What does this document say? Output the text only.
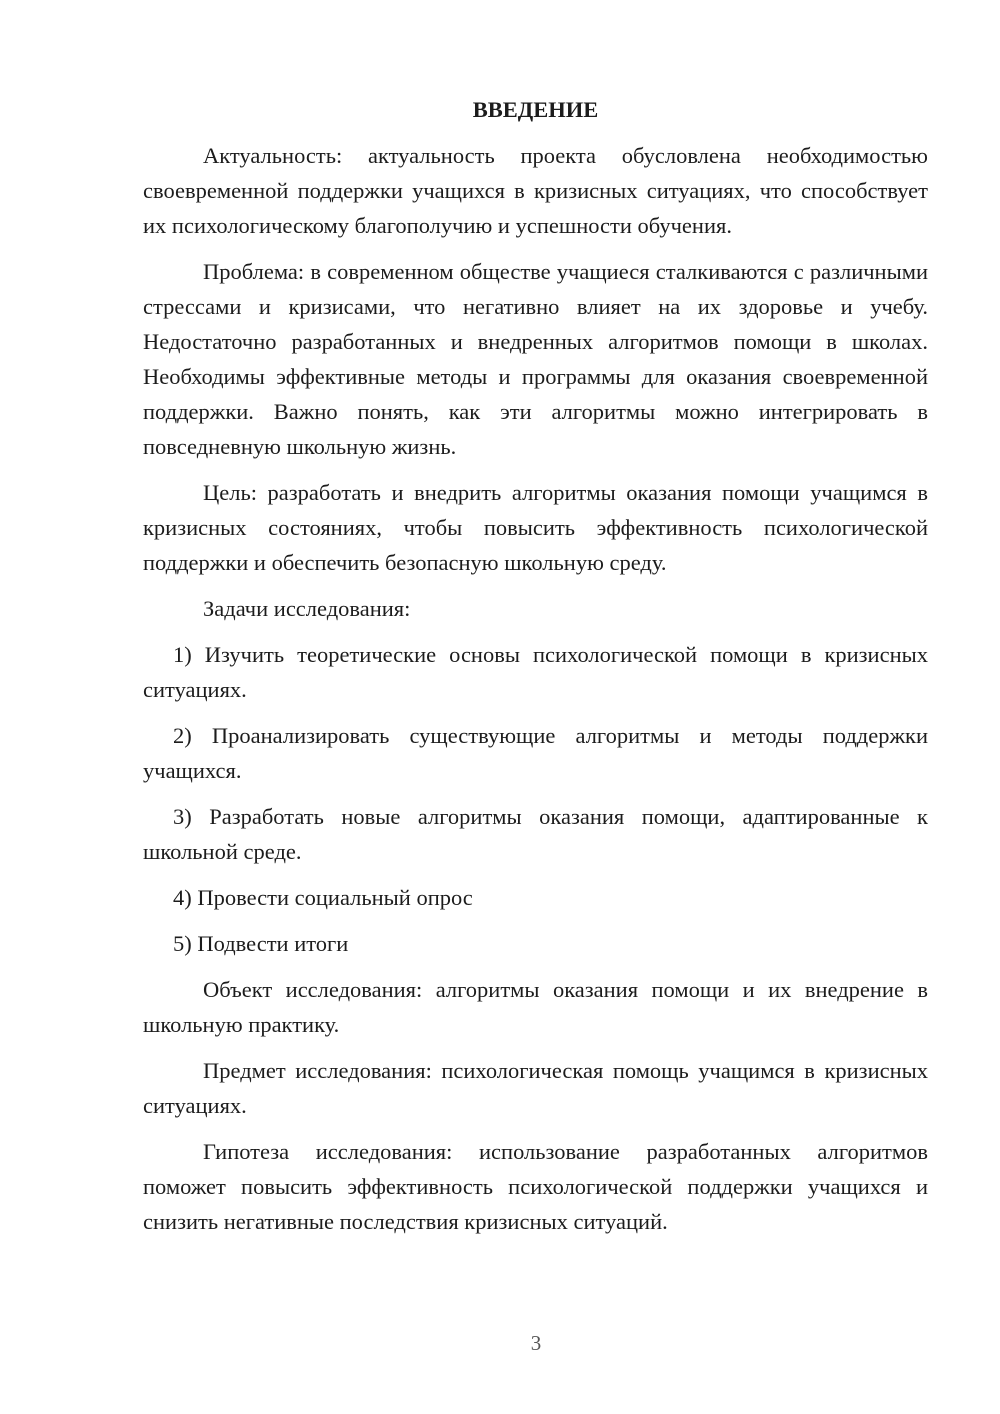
ВВЕДЕНИЕ

Актуальность: актуальность проекта обусловлена необходимостью своевременной поддержки учащихся в кризисных ситуациях, что способствует их психологическому благополучию и успешности обучения.

Проблема: в современном обществе учащиеся сталкиваются с различными стрессами и кризисами, что негативно влияет на их здоровье и учебу. Недостаточно разработанных и внедренных алгоритмов помощи в школах. Необходимы эффективные методы и программы для оказания своевременной поддержки. Важно понять, как эти алгоритмы можно интегрировать в повседневную школьную жизнь.

Цель: разработать и внедрить алгоритмы оказания помощи учащимся в кризисных состояниях, чтобы повысить эффективность психологической поддержки и обеспечить безопасную школьную среду.

Задачи исследования:

1) Изучить теоретические основы психологической помощи в кризисных ситуациях.

2) Проанализировать существующие алгоритмы и методы поддержки учащихся.

3) Разработать новые алгоритмы оказания помощи, адаптированные к школьной среде.

4) Провести социальный опрос

5) Подвести итоги

Объект исследования: алгоритмы оказания помощи и их внедрение в школьную практику.

Предмет исследования: психологическая помощь учащимся в кризисных ситуациях.

Гипотеза исследования: использование разработанных алгоритмов поможет повысить эффективность психологической поддержки учащихся и снизить негативные последствия кризисных ситуаций.

3
